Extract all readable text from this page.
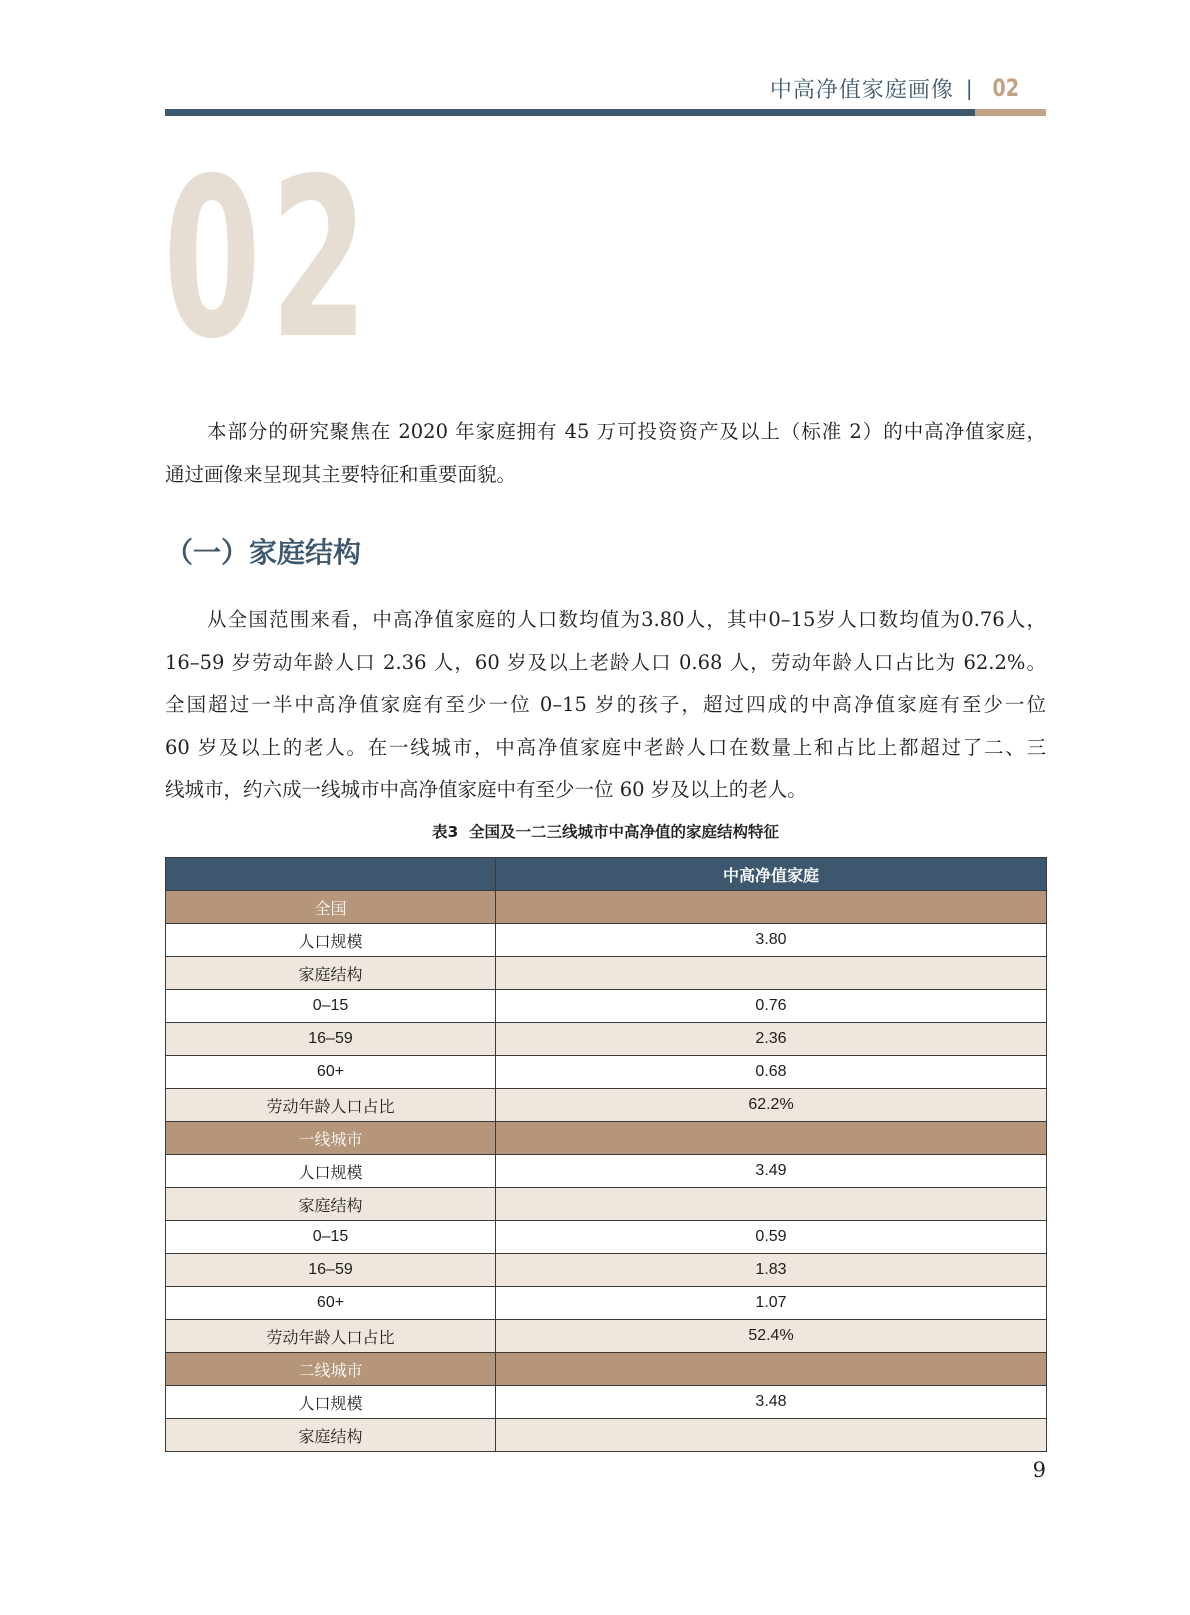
中高净值家庭画像 | 02
02
本部分的研究聚焦在 2020 年家庭拥有 45 万可投资资产及以上（标准 2）的中高净值家庭，
通过画像来呈现其主要特征和重要面貌。
（一）家庭结构
从全国范围来看，中高净值家庭的人口数均值为3.80人，其中0–15岁人口数均值为0.76人，
16–59 岁劳动年龄人口 2.36 人，60 岁及以上老龄人口 0.68 人，劳动年龄人口占比为 62.2%。
全国超过一半中高净值家庭有至少一位 0–15 岁的孩子，超过四成的中高净值家庭有至少一位
60 岁及以上的老人。在一线城市，中高净值家庭中老龄人口在数量上和占比上都超过了二、三
线城市，约六成一线城市中高净值家庭中有至少一位 60 岁及以上的老人。
表3  全国及一二三线城市中高净值的家庭结构特征
	中高净值家庭
全国	
人口规模	3.80
家庭结构	
0–15	0.76
16–59	2.36
60+	0.68
劳动年龄人口占比	62.2%
一线城市	
人口规模	3.49
家庭结构	
0–15	0.59
16–59	1.83
60+	1.07
劳动年龄人口占比	52.4%
二线城市	
人口规模	3.48
家庭结构	
9
